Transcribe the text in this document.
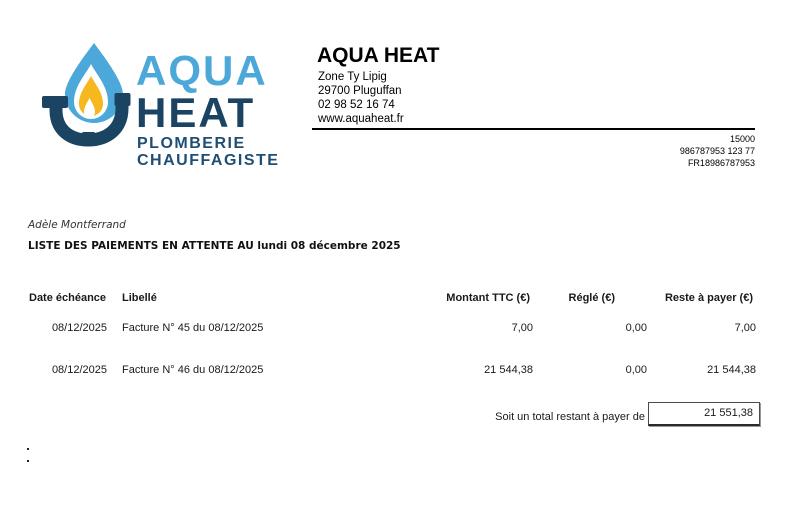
AQUA
HEAT
PLOMBERIE
CHAUFFAGISTE
AQUA HEAT
Zone Ty Lipig
29700 Pluguffan
02 98 52 16 74
www.aquaheat.fr
15000
986787953 123 77
FR18986787953
Adèle Montferrand
LISTE DES PAIEMENTS EN ATTENTE AU lundi 08 décembre 2025
Date échéance Libellé	Montant TTC (€)	Réglé (€)	Reste à payer (€)
08/12/2025 Facture N° 45 du 08/12/2025	7,00	0,00	7,00
08/12/2025 Facture N° 46 du 08/12/2025	21 544,38	0,00	21 544,38
Soit un total restant à payer de	21 551,38
